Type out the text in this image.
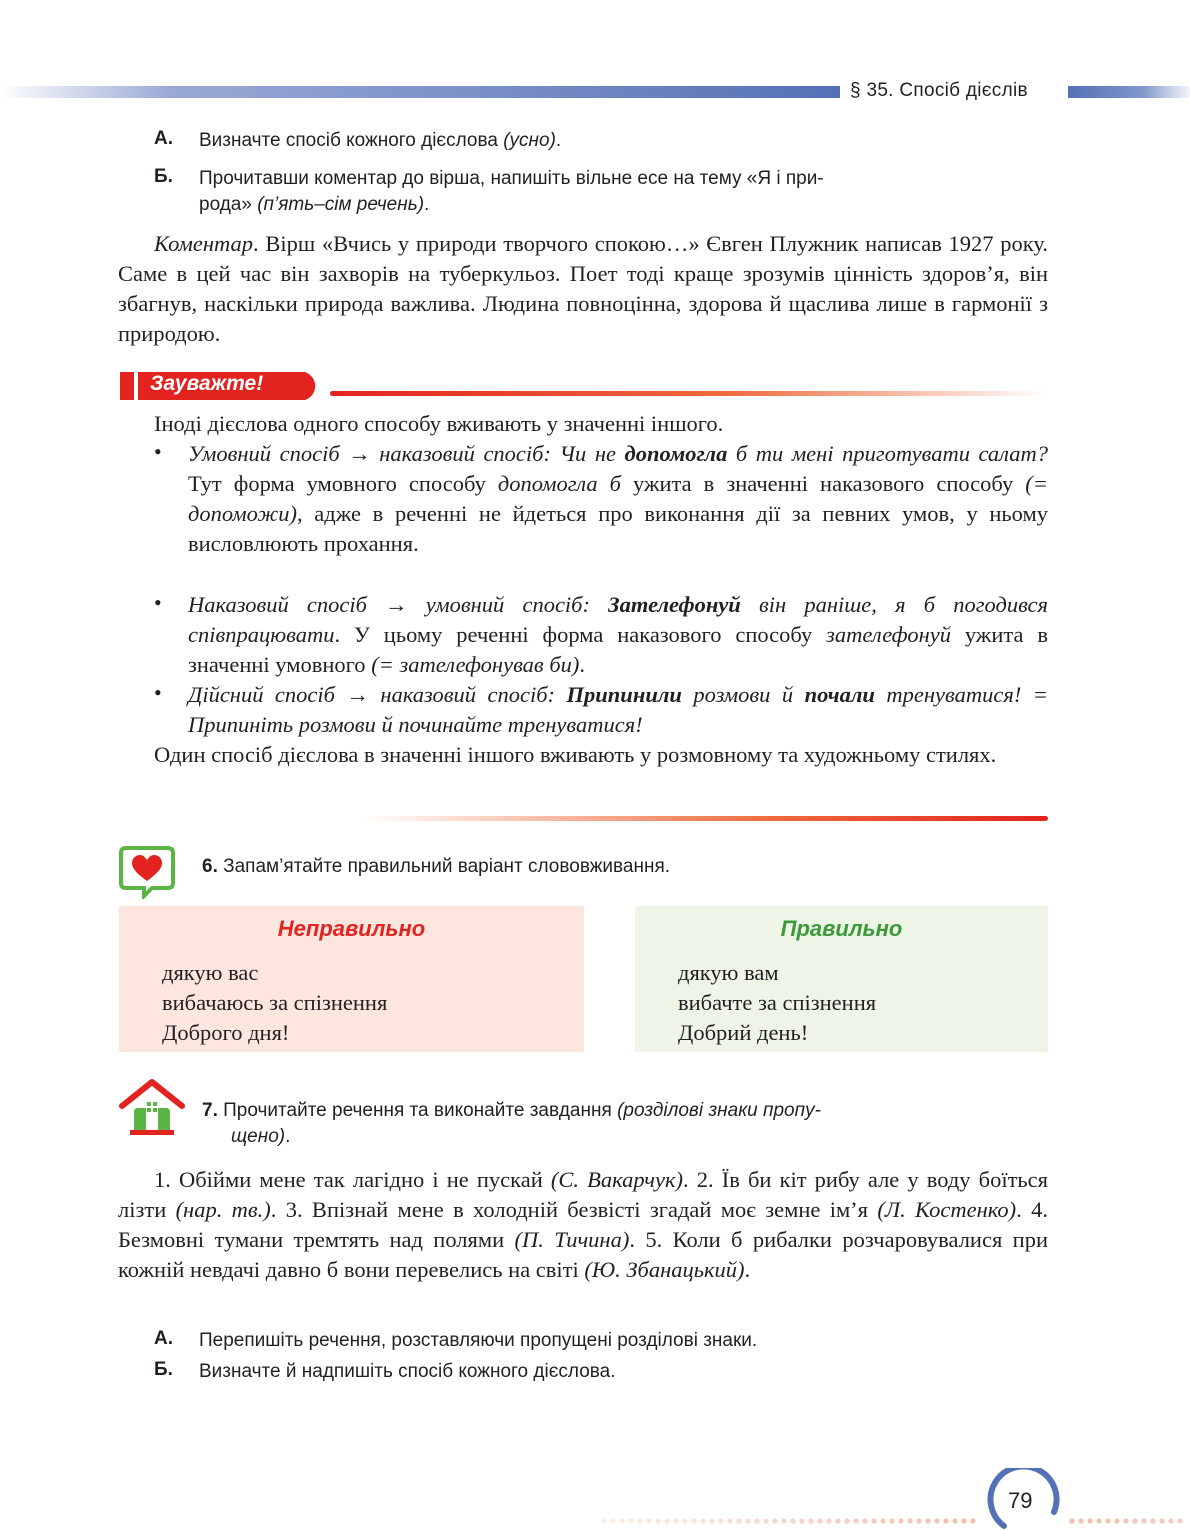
§ 35. Спосіб дієслів
А. Визначте спосіб кожного дієслова (усно).
Б. Прочитавши коментар до вірша, напишіть вільне есе на тему «Я і при-
рода» (п’ять–сім речень).
Коментар. Вірш «Вчись у природи творчого спокою…» Євген Плужник написав 1927 року. Саме в цей час він захворів на туберкульоз. Поет тоді краще зрозумів цінність здоров’я, він збагнув, наскільки природа важлива. Людина повноцінна, здорова й щаслива лише в гармонії з природою.
Зауважте!
Іноді дієслова одного способу вживають у значенні іншого.
• Умовний спосіб → наказовий спосіб: Чи не допомогла б ти мені приготувати салат? Тут форма умовного способу допомогла б ужита в значенні наказового способу (= допоможи), адже в реченні не йдеться про виконання дії за певних умов, у ньому висловлюють прохання.
• Наказовий спосіб → умовний спосіб: Зателефонуй він раніше, я б погодився співпрацювати. У цьому реченні форма наказового способу зателефонуй ужита в значенні умовного (= зателефонував би).
• Дійсний спосіб → наказовий спосіб: Припинили розмови й почали тренуватися! = Припиніть розмови й починайте тренуватися!
Один спосіб дієслова в значенні іншого вживають у розмовному та художньому стилях.
6. Запам’ятайте правильний варіант слововживання.
Неправильно
дякую вас
вибачаюсь за спізнення
Доброго дня!
Правильно
дякую вам
вибачте за спізнення
Добрий день!
7. Прочитайте речення та виконайте завдання (розділові знаки пропу-
щено).
1. Обійми мене так лагідно і не пускай (С. Вакарчук). 2. Їв би кіт рибу але у воду боїться лізти (нар. тв.). 3. Впізнай мене в холодній безвісті згадай моє земне ім’я (Л. Костенко). 4. Безмовні тумани тремтять над полями (П. Тичина). 5. Коли б рибалки розчаровувалися при кожній невдачі давно б вони перевелись на світі (Ю. Збанацький).
А. Перепишіть речення, розставляючи пропущені розділові знаки.
Б. Визначте й надпишіть спосіб кожного дієслова.
79
